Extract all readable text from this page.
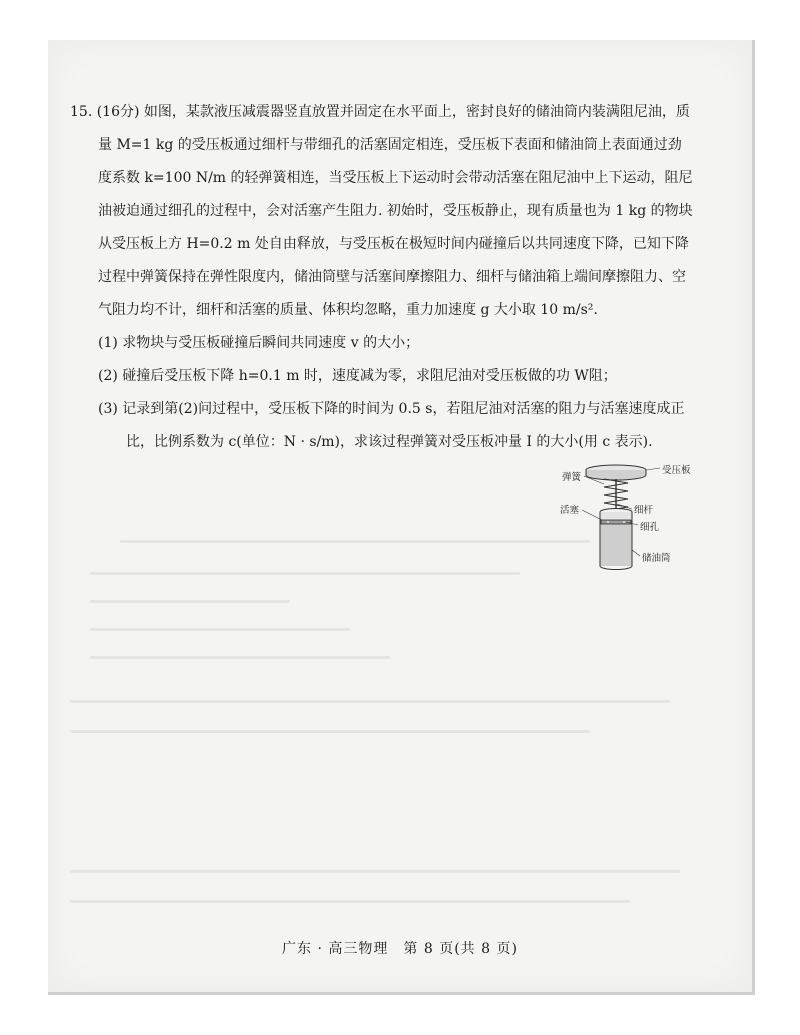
15. (16分) 如图，某款液压减震器竖直放置并固定在水平面上，密封良好的储油筒内装满阻尼油，质

量 M=1 kg 的受压板通过细杆与带细孔的活塞固定相连，受压板下表面和储油筒上表面通过劲

度系数 k=100 N/m 的轻弹簧相连，当受压板上下运动时会带动活塞在阻尼油中上下运动，阻尼

油被迫通过细孔的过程中，会对活塞产生阻力. 初始时，受压板静止，现有质量也为 1 kg 的物块

从受压板上方 H=0.2 m 处自由释放，与受压板在极短时间内碰撞后以共同速度下降，已知下降

过程中弹簧保持在弹性限度内，储油筒壁与活塞间摩擦阻力、细杆与储油箱上端间摩擦阻力、空

气阻力均不计，细杆和活塞的质量、体积均忽略，重力加速度 g 大小取 10 m/s².

(1) 求物块与受压板碰撞后瞬间共同速度 v 的大小；

(2) 碰撞后受压板下降 h=0.1 m 时，速度减为零，求阻尼油对受压板做的功 W阻；

(3) 记录到第(2)问过程中，受压板下降的时间为 0.5 s，若阻尼油对活塞的阻力与活塞速度成正

比，比例系数为 c(单位：N · s/m)，求该过程弹簧对受压板冲量 I 的大小(用 c 表示).

弹簧
受压板
活塞	细杆
细孔
储油筒
广东 · 高三物理　第 8 页(共 8 页)
